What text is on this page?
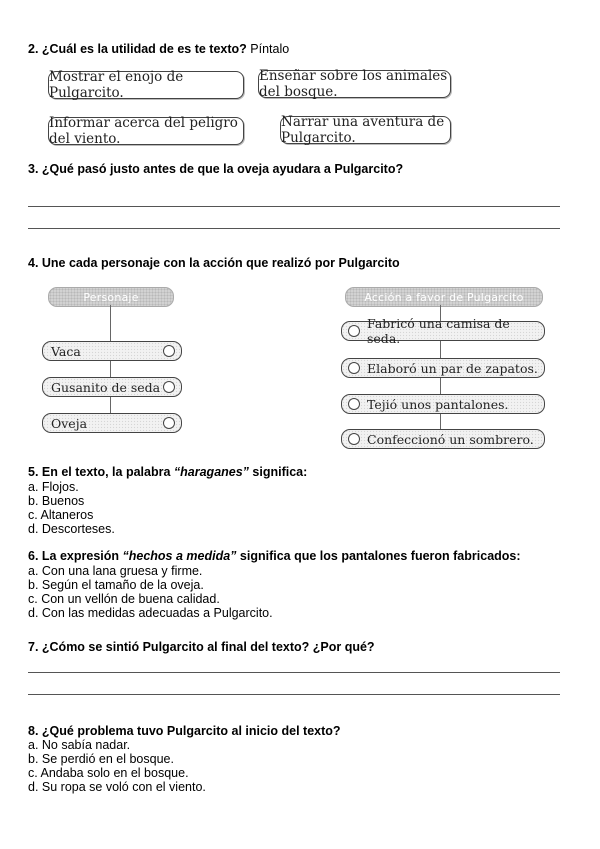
2. ¿Cuál es la utilidad de es te texto? Píntalo
Mostrar el enojo de Pulgarcito.
Enseñar sobre los animales del bosque.
Informar acerca del peligro del viento.
Narrar una aventura de Pulgarcito.
3. ¿Qué pasó justo antes de que la oveja ayudara a Pulgarcito?
4. Une cada personaje con la acción que realizó por Pulgarcito
Personaje
Vaca
Gusanito de seda
Oveja
Acción a favor de Pulgarcito
Fabricó una camisa de seda.
Elaboró un par de zapatos.
Tejió unos pantalones.
Confeccionó un sombrero.
5. En el texto, la palabra “haraganes” significa:
a. Flojos.
b. Buenos
c. Altaneros
d. Descorteses.
6. La expresión “hechos a medida” significa que los pantalones fueron fabricados:
a. Con una lana gruesa y firme.
b. Según el tamaño de la oveja.
c. Con un vellón de buena calidad.
d. Con las medidas adecuadas a Pulgarcito.
7. ¿Cómo se sintió Pulgarcito al final del texto? ¿Por qué?
8. ¿Qué problema tuvo Pulgarcito al inicio del texto?
a. No sabía nadar.
b. Se perdió en el bosque.
c. Andaba solo en el bosque.
d. Su ropa se voló con el viento.
